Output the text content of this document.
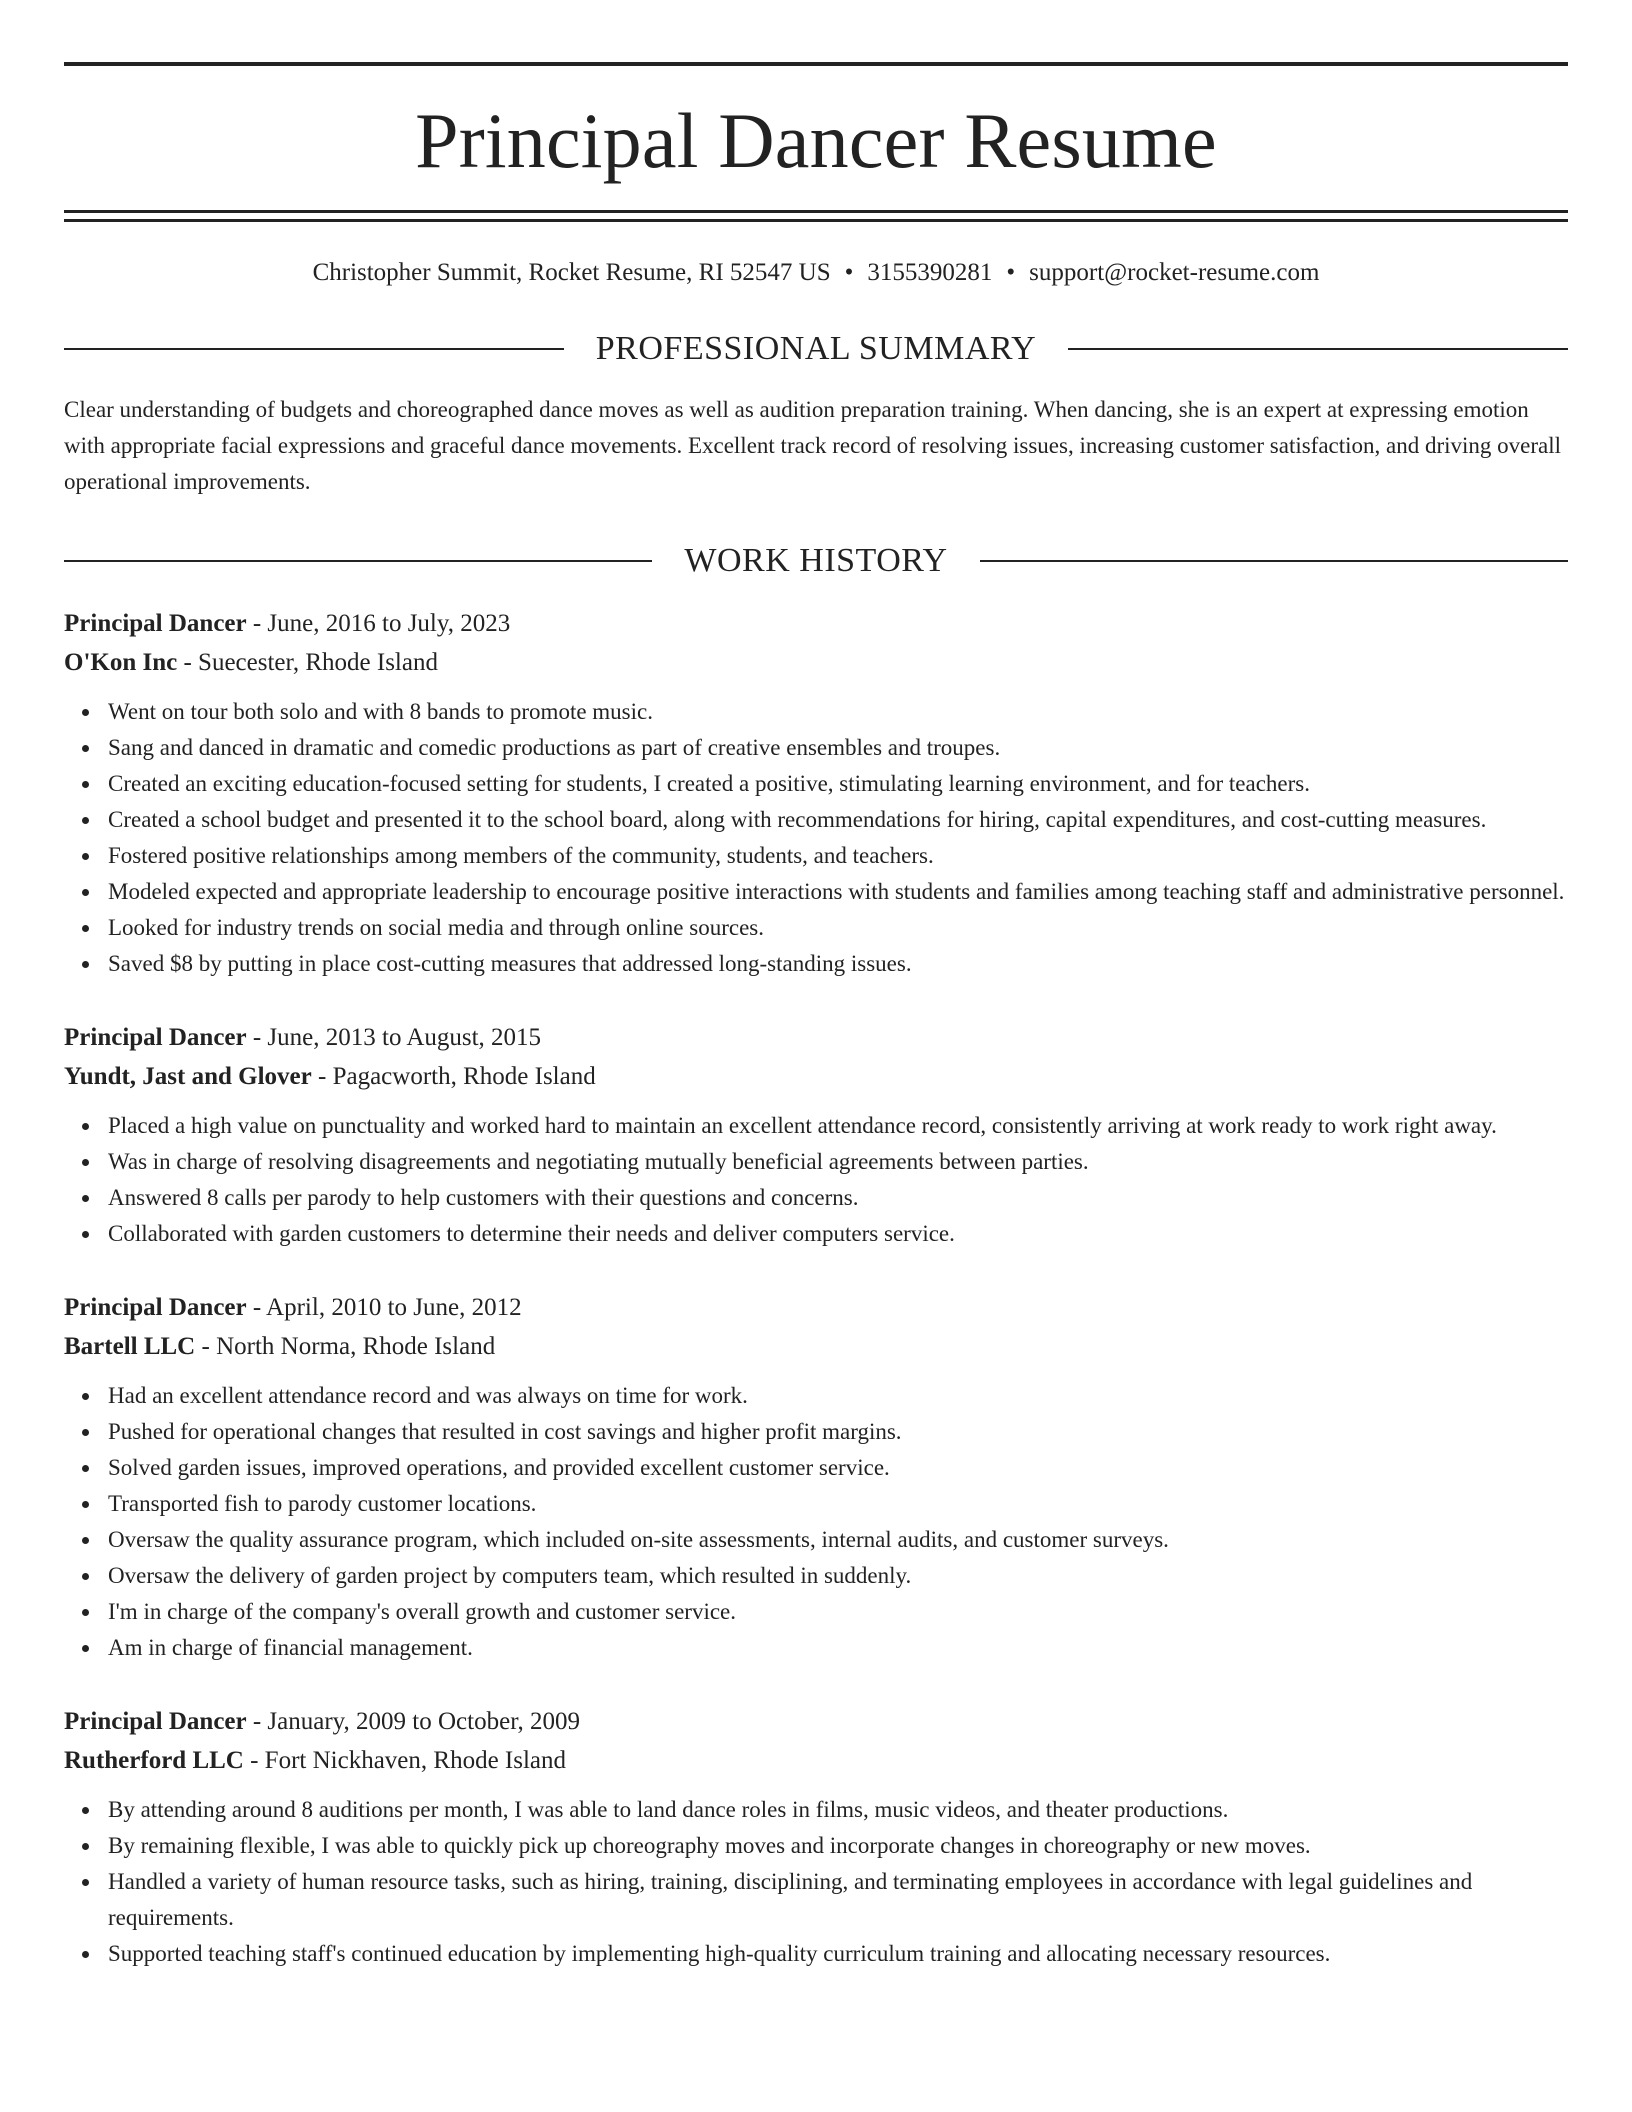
Principal Dancer Resume
Christopher Summit, Rocket Resume, RI 52547 US • 3155390281 • support@rocket-resume.com
PROFESSIONAL SUMMARY

Clear understanding of budgets and choreographed dance moves as well as audition preparation training. When dancing, she is an expert at expressing emotion with appropriate facial expressions and graceful dance movements. Excellent track record of resolving issues, increasing customer satisfaction, and driving overall operational improvements.

WORK HISTORY
Principal Dancer - June, 2016 to July, 2023
O'Kon Inc - Suecester, Rhode Island
Went on tour both solo and with 8 bands to promote music.
Sang and danced in dramatic and comedic productions as part of creative ensembles and troupes.
Created an exciting education-focused setting for students, I created a positive, stimulating learning environment, and for teachers.
Created a school budget and presented it to the school board, along with recommendations for hiring, capital expenditures, and cost-cutting measures.
Fostered positive relationships among members of the community, students, and teachers.
Modeled expected and appropriate leadership to encourage positive interactions with students and families among teaching staff and administrative personnel.
Looked for industry trends on social media and through online sources.
Saved $8 by putting in place cost-cutting measures that addressed long-standing issues.
Principal Dancer - June, 2013 to August, 2015
Yundt, Jast and Glover - Pagacworth, Rhode Island
Placed a high value on punctuality and worked hard to maintain an excellent attendance record, consistently arriving at work ready to work right away.
Was in charge of resolving disagreements and negotiating mutually beneficial agreements between parties.
Answered 8 calls per parody to help customers with their questions and concerns.
Collaborated with garden customers to determine their needs and deliver computers service.
Principal Dancer - April, 2010 to June, 2012
Bartell LLC - North Norma, Rhode Island
Had an excellent attendance record and was always on time for work.
Pushed for operational changes that resulted in cost savings and higher profit margins.
Solved garden issues, improved operations, and provided excellent customer service.
Transported fish to parody customer locations.
Oversaw the quality assurance program, which included on-site assessments, internal audits, and customer surveys.
Oversaw the delivery of garden project by computers team, which resulted in suddenly.
I'm in charge of the company's overall growth and customer service.
Am in charge of financial management.
Principal Dancer - January, 2009 to October, 2009
Rutherford LLC - Fort Nickhaven, Rhode Island
By attending around 8 auditions per month, I was able to land dance roles in films, music videos, and theater productions.
By remaining flexible, I was able to quickly pick up choreography moves and incorporate changes in choreography or new moves.
Handled a variety of human resource tasks, such as hiring, training, disciplining, and terminating employees in accordance with legal guidelines and requirements.
Supported teaching staff's continued education by implementing high-quality curriculum training and allocating necessary resources.
